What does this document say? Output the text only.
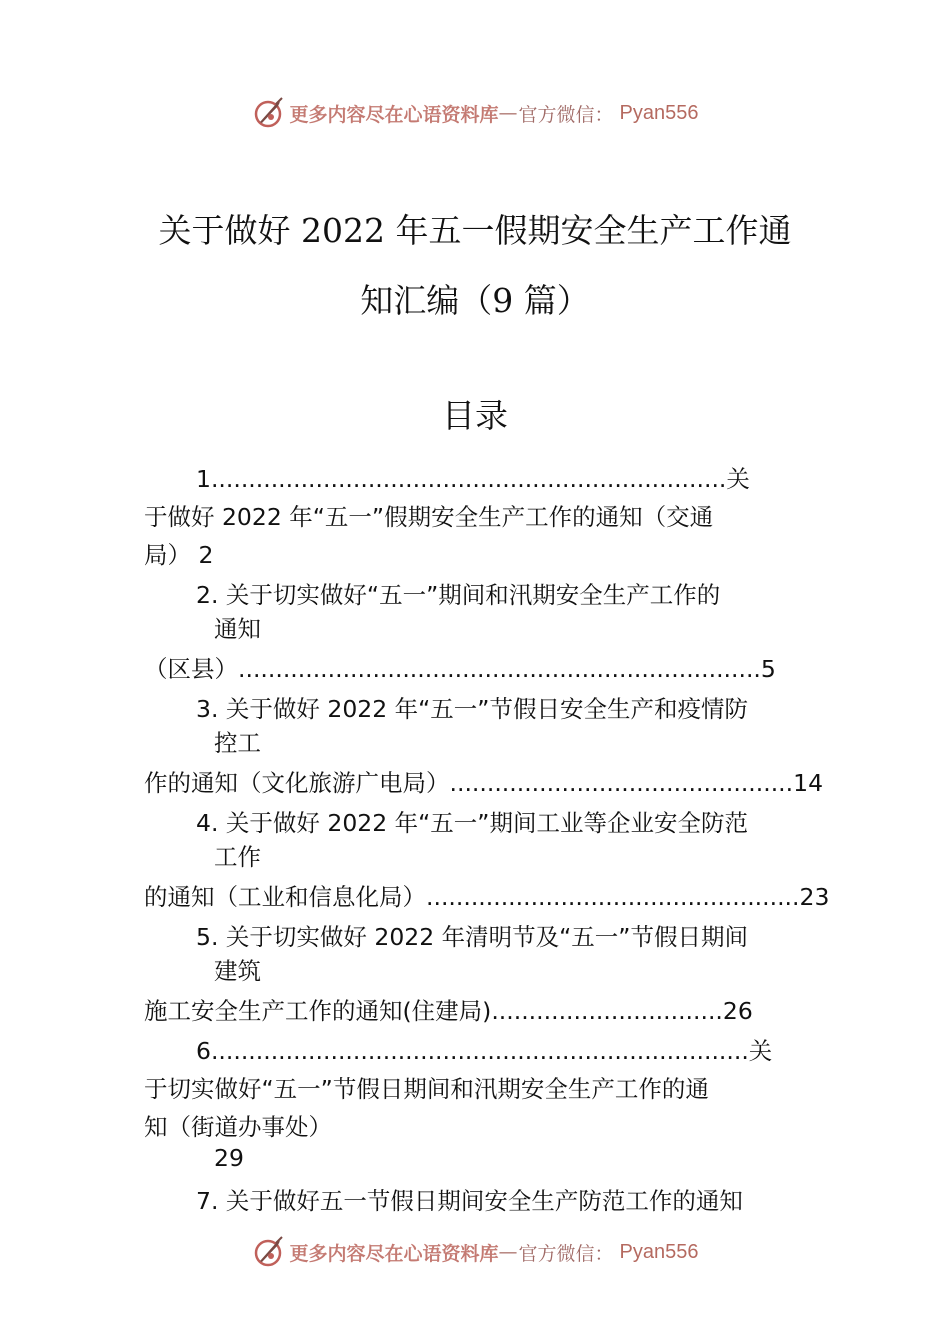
更多内容尽在心语资料库 — 官方微信： Pyan556
关于做好 2022 年五一假期安全生产工作通
知汇编（9 篇）
目录
1.....................................................................关
于做好 2022 年“五一”假期安全生产工作的通知（交通
局） 2
2. 关于切实做好“五一”期间和汛期安全生产工作的
通知
（区县）......................................................................5
3. 关于做好 2022 年“五一”节假日安全生产和疫情防
控工
作的通知（文化旅游广电局）..............................................14
4. 关于做好 2022 年“五一”期间工业等企业安全防范
工作
的通知（工业和信息化局）..................................................23
5. 关于切实做好 2022 年清明节及“五一”节假日期间
建筑
施工安全生产工作的通知(住建局)...............................26
6........................................................................关
于切实做好“五一”节假日期间和汛期安全生产工作的通
知（街道办事处）
29
7. 关于做好五一节假日期间安全生产防范工作的通知
更多内容尽在心语资料库 — 官方微信： Pyan556
